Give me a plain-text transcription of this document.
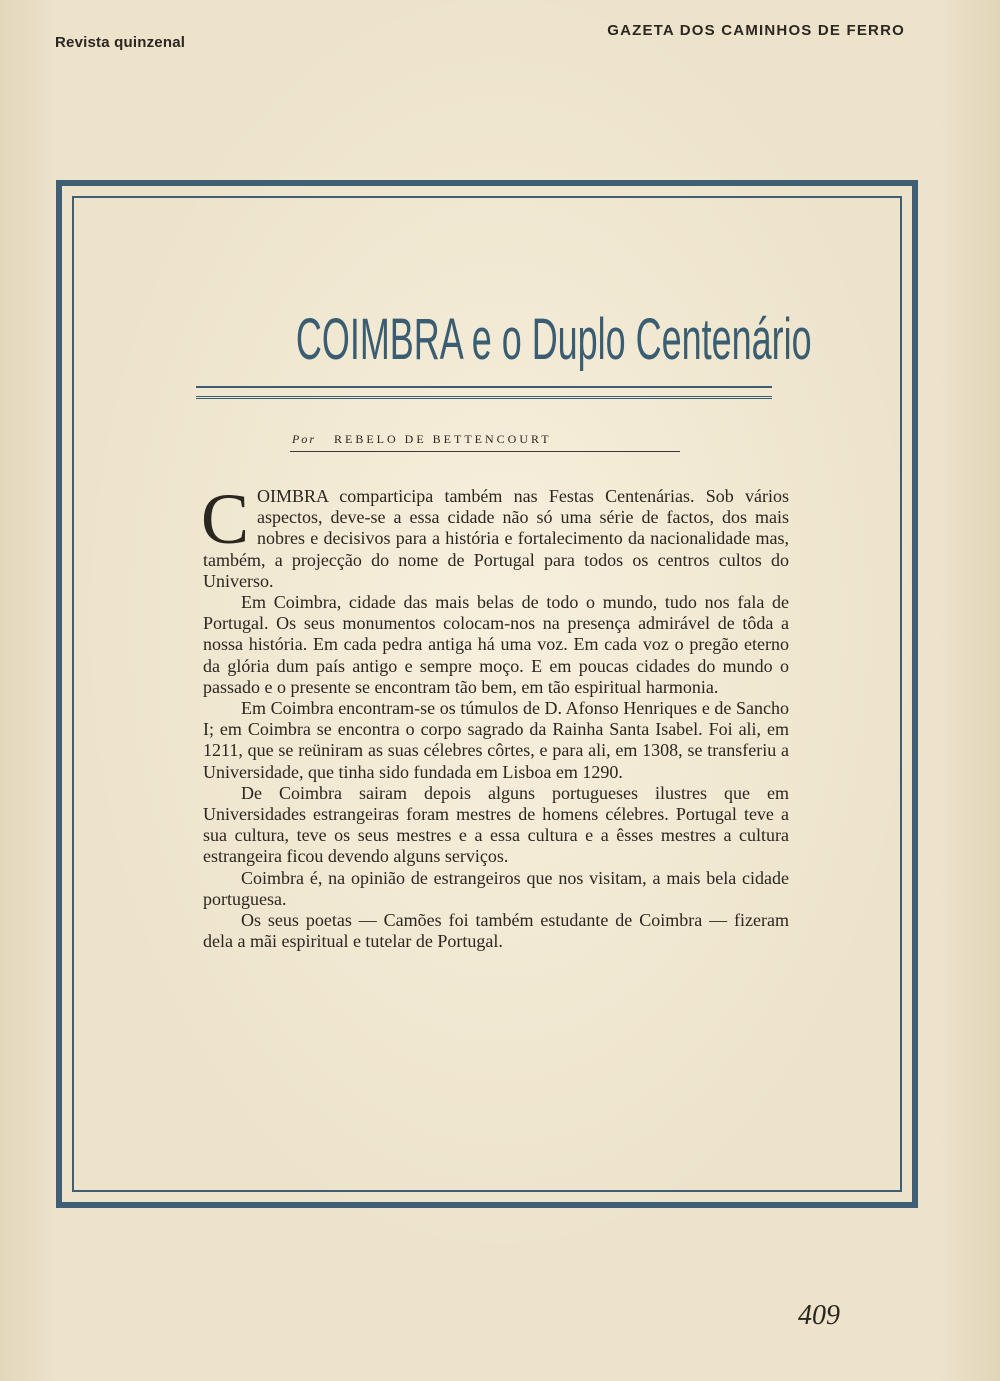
Revista quinzenal
GAZETA DOS CAMINHOS DE FERRO
COIMBRA e o Duplo Centenário
Por REBELO DE BETTENCOURT

COIMBRA comparticipa também nas Festas Centenárias. Sob vários aspectos, deve-se a essa cidade não só uma série de factos, dos mais nobres e decisivos para a história e fortalecimento da nacionalidade mas, também, a projecção do nome de Portugal para todos os centros cultos do Universo.

Em Coimbra, cidade das mais belas de todo o mundo, tudo nos fala de Portugal. Os seus monumentos colocam-nos na presença admirável de tôda a nossa história. Em cada pedra antiga há uma voz. Em cada voz o pregão eterno da glória dum país antigo e sempre moço. E em poucas cidades do mundo o passado e o presente se encontram tão bem, em tão espiritual harmonia.

Em Coimbra encontram-se os túmulos de D. Afonso Henriques e de Sancho I; em Coimbra se encontra o corpo sagrado da Rainha Santa Isabel. Foi ali, em 1211, que se reüniram as suas célebres côrtes, e para ali, em 1308, se transferiu a Universidade, que tinha sido fundada em Lisboa em 1290.

De Coimbra sairam depois alguns portugueses ilustres que em Universidades estrangeiras foram mestres de homens célebres. Portugal teve a sua cultura, teve os seus mestres e a essa cultura e a êsses mestres a cultura estrangeira ficou devendo alguns serviços.

Coimbra é, na opinião de estrangeiros que nos visitam, a mais bela cidade portuguesa.

Os seus poetas — Camões foi também estudante de Coimbra — fizeram dela a mãi espiritual e tutelar de Portugal.

409
